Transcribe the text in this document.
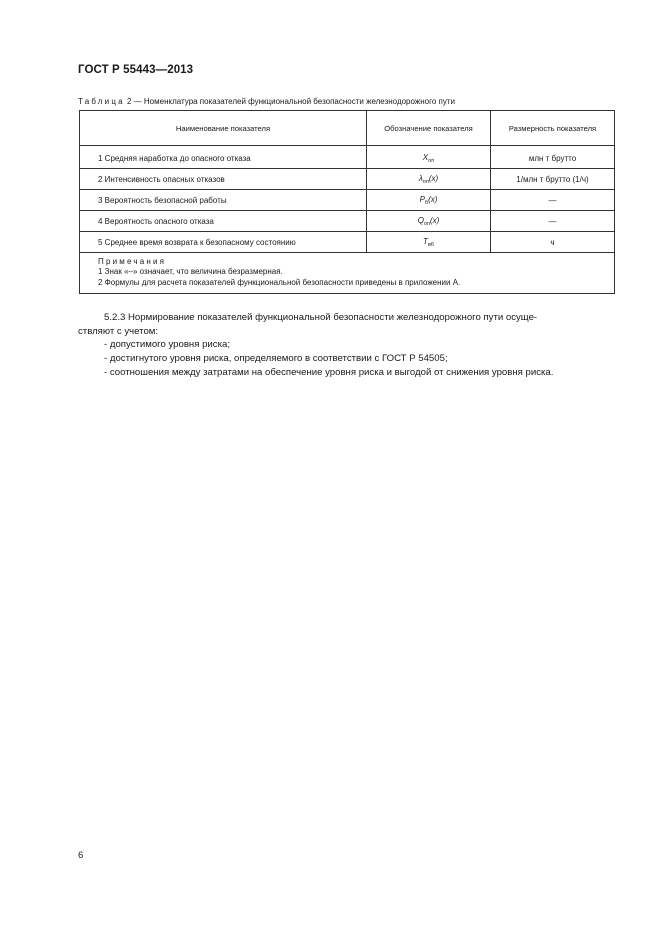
ГОСТ Р 55443—2013
Таблица 2 — Номенклатура показателей функциональной безопасности железнодорожного пути
Наименование показателя	Обозначение показателя	Размерность показателя
1 Средняя наработка до опасного отказа	$X_{оп}$	млн т брутто
2 Интенсивность опасных отказов	$\lambda_{оп}(x)$	1/млн т брутто (1/ч)
3 Вероятность безопасной работы	$P_б(x)$	—
4 Вероятность опасного отказа	$Q_{оп}(x)$	—
5 Среднее время возврата к безопасному состоянию	$T_{вб}$	ч

Примечания
1 Знак «–» означает, что величина безразмерная.
2 Формулы для расчета показателей функциональной безопасности приведены в приложении А.		
5.2.3 Нормирование показателей функциональной безопасности железнодорожного пути осуще-
ствляют с учетом:
- допустимого уровня риска;
- достигнутого уровня риска, определяемого в соответствии с ГОСТ Р 54505;
- соотношения между затратами на обеспечение уровня риска и выгодой от снижения уровня риска.
6
